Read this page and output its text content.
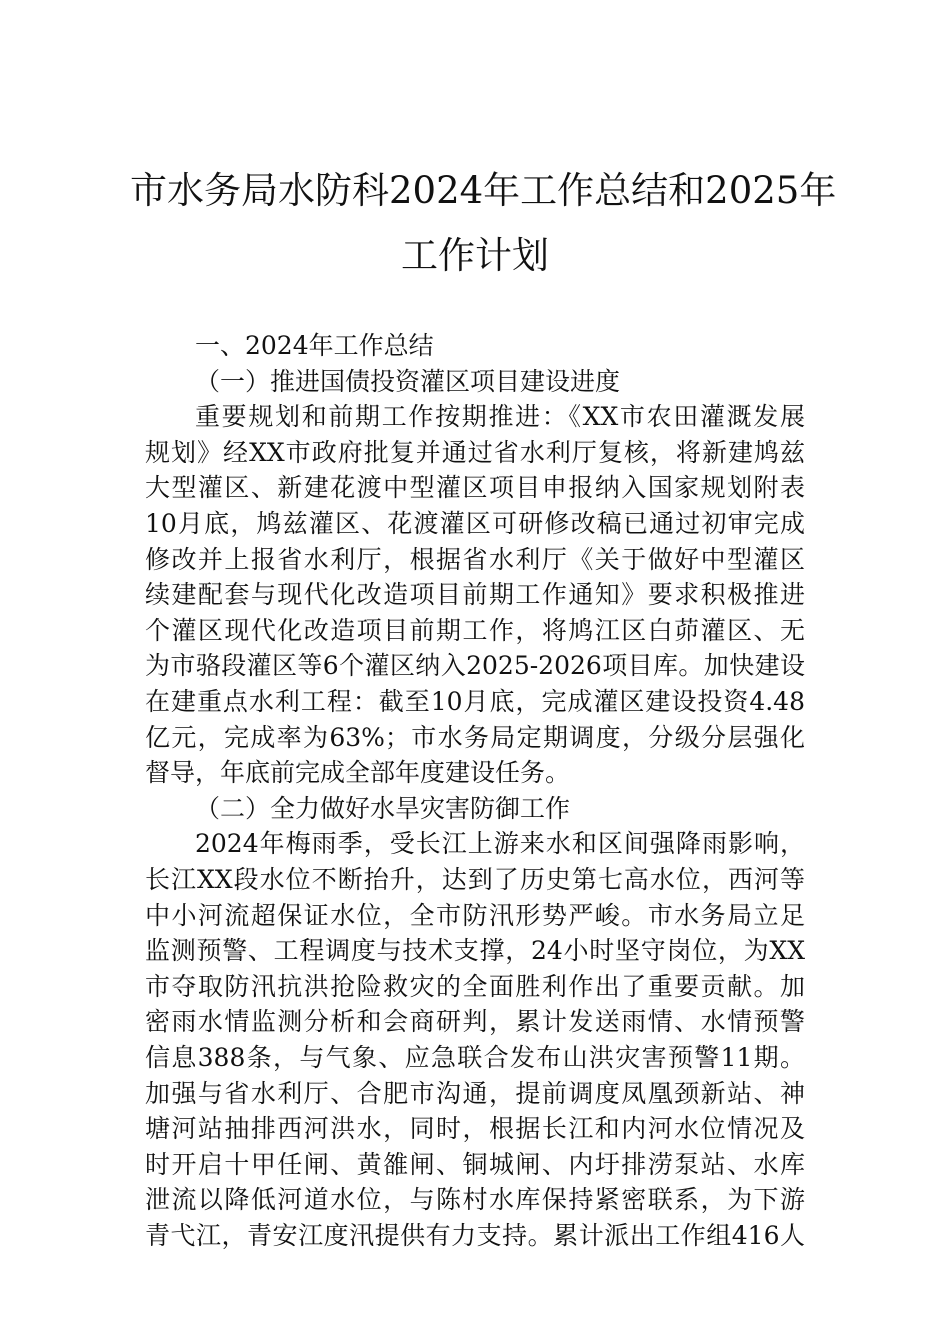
市水务局水防科2024年工作总结和2025年
工作计划
一、2024年工作总结
（一）推进国债投资灌区项目建设进度
重要规划和前期工作按期推进：《XX市农田灌溉发展
规划》经XX市政府批复并通过省水利厅复核，将新建鸠兹
大型灌区、新建花渡中型灌区项目申报纳入国家规划附表
10月底，鸠兹灌区、花渡灌区可研修改稿已通过初审完成
修改并上报省水利厅，根据省水利厅《关于做好中型灌区
续建配套与现代化改造项目前期工作通知》要求积极推进
个灌区现代化改造项目前期工作，将鸠江区白茆灌区、无
为市骆段灌区等6个灌区纳入2025-2026项目库。加快建设
在建重点水利工程：截至10月底，完成灌区建设投资4.48
亿元，完成率为63%；市水务局定期调度，分级分层强化
督导，年底前完成全部年度建设任务。
（二）全力做好水旱灾害防御工作
2024年梅雨季，受长江上游来水和区间强降雨影响，
长江XX段水位不断抬升，达到了历史第七高水位，西河等
中小河流超保证水位，全市防汛形势严峻。市水务局立足
监测预警、工程调度与技术支撑，24小时坚守岗位，为XX
市夺取防汛抗洪抢险救灾的全面胜利作出了重要贡献。加
密雨水情监测分析和会商研判，累计发送雨情、水情预警
信息388条，与气象、应急联合发布山洪灾害预警11期。
加强与省水利厅、合肥市沟通，提前调度凤凰颈新站、神
塘河站抽排西河洪水，同时，根据长江和内河水位情况及
时开启十甲任闸、黄雒闸、铜城闸、内圩排涝泵站、水库
泄流以降低河道水位，与陈村水库保持紧密联系，为下游
青弋江，青安江度汛提供有力支持。累计派出工作组416人
